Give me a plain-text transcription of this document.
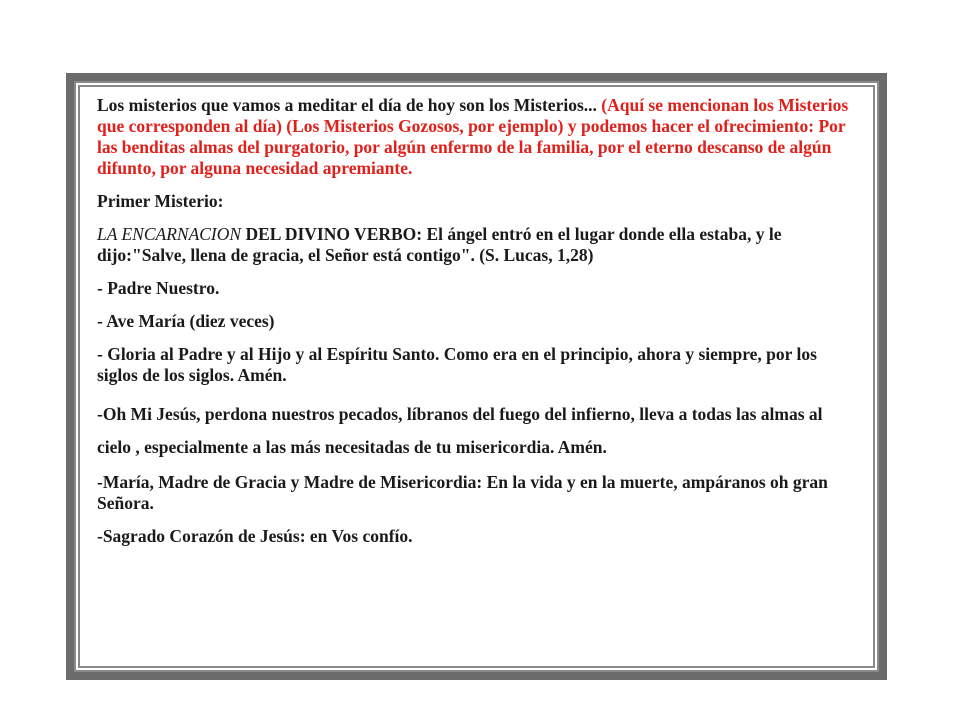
Los misterios que vamos a meditar el día de hoy son los Misterios... (Aquí se mencionan los Misterios que corresponden al día) (Los Misterios Gozosos, por ejemplo) y podemos hacer el ofrecimiento: Por las benditas almas del purgatorio, por algún enfermo de la familia, por el eterno descanso de algún difunto, por alguna necesidad apremiante.

Primer Misterio:

LA ENCARNACION DEL DIVINO VERBO: El ángel entró en el lugar donde ella estaba, y le dijo:"Salve, llena de gracia, el Señor está contigo". (S. Lucas, 1,28)

- Padre Nuestro.

- Ave María (diez veces)

- Gloria al Padre y al Hijo y al Espíritu Santo. Como era en el principio, ahora y siempre, por los siglos de los siglos. Amén.

-Oh Mi Jesús, perdona nuestros pecados, líbranos del fuego del infierno, lleva a todas las almas al cielo , especialmente a las más necesitadas de tu misericordia. Amén.

-María, Madre de Gracia y Madre de Misericordia: En la vida y en la muerte, ampáranos oh gran Señora.

-Sagrado Corazón de Jesús: en Vos confío.
